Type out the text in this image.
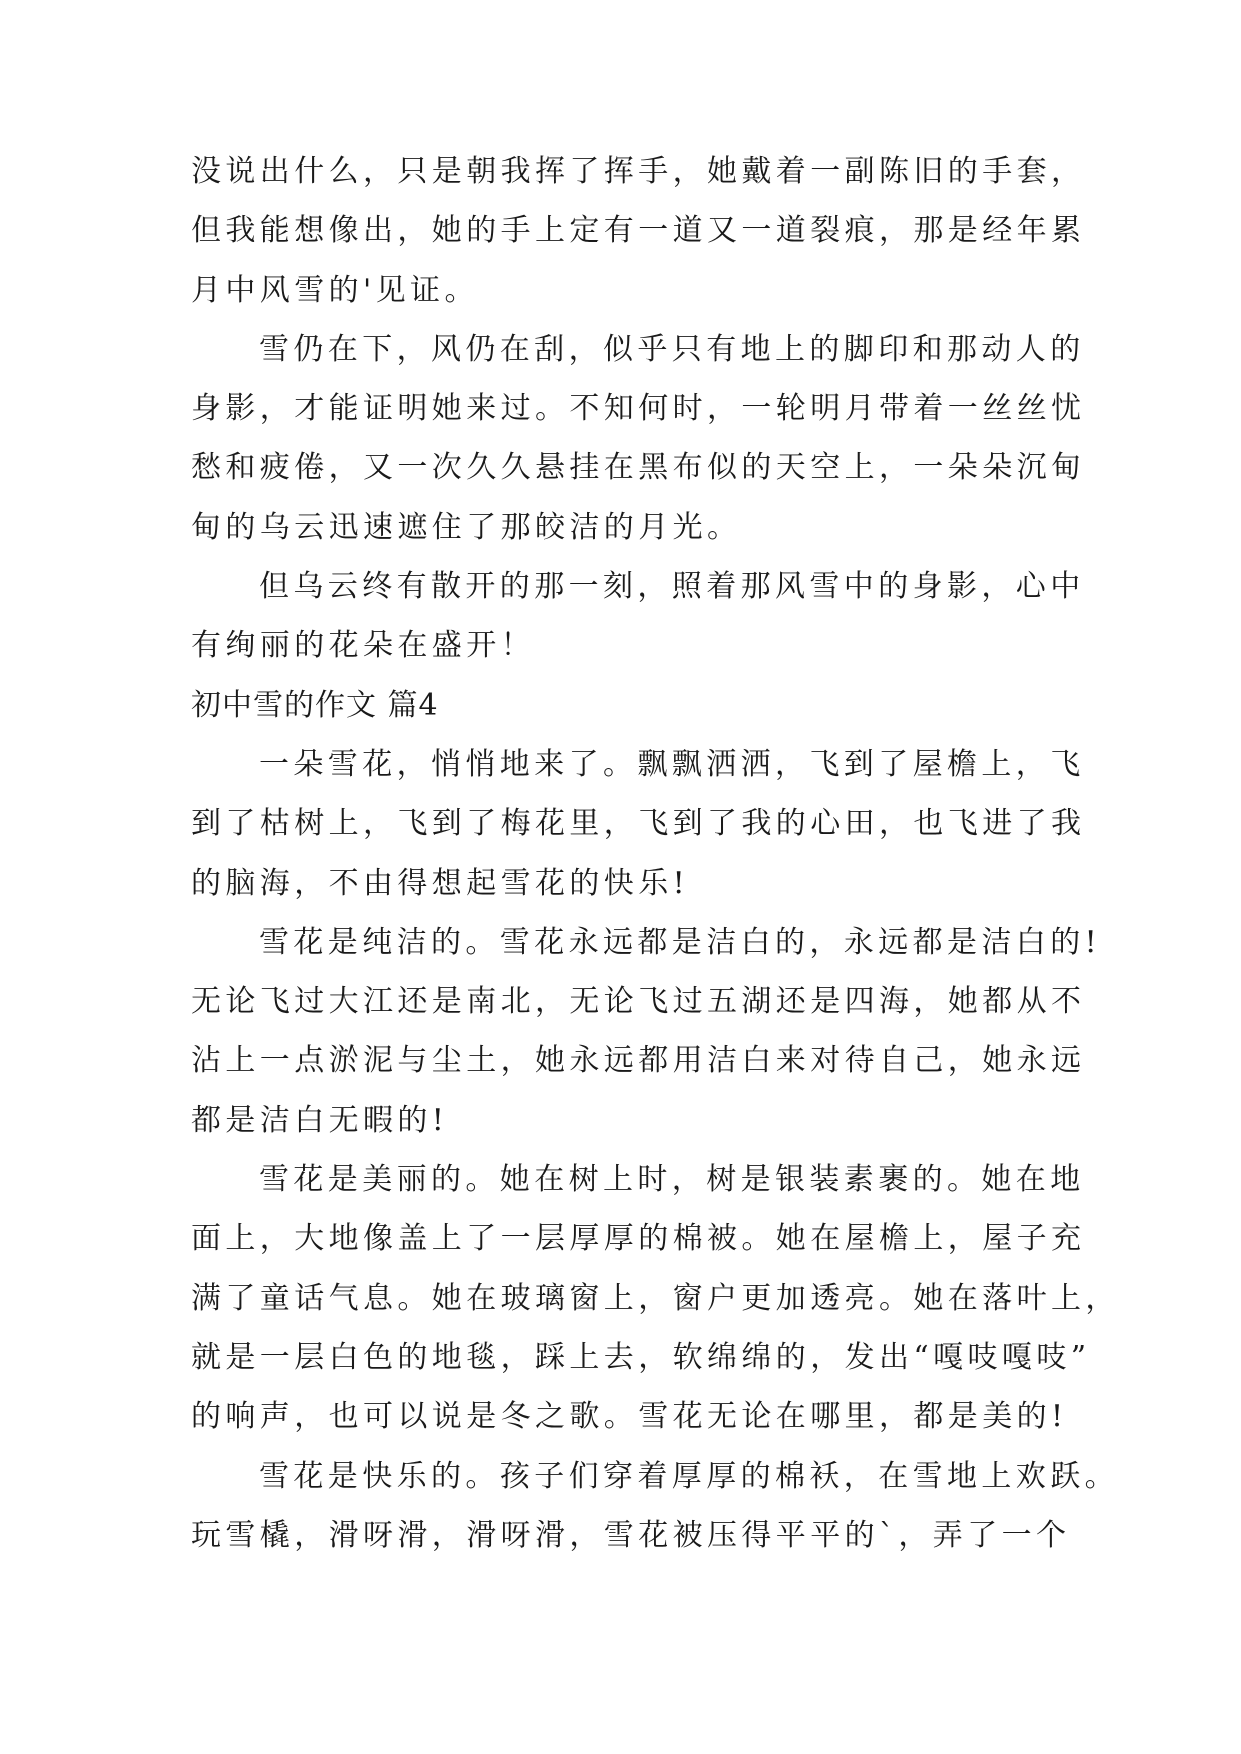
没说出什么，只是朝我挥了挥手，她戴着一副陈旧的手套，
但我能想像出，她的手上定有一道又一道裂痕，那是经年累
月中风雪的'见证。
雪仍在下，风仍在刮，似乎只有地上的脚印和那动人的
身影，才能证明她来过。不知何时，一轮明月带着一丝丝忧
愁和疲倦，又一次久久悬挂在黑布似的天空上，一朵朵沉甸
甸的乌云迅速遮住了那皎洁的月光。
但乌云终有散开的那一刻，照着那风雪中的身影，心中
有绚丽的花朵在盛开！
初中雪的作文 篇4
一朵雪花，悄悄地来了。飘飘洒洒，飞到了屋檐上，飞
到了枯树上，飞到了梅花里，飞到了我的心田，也飞进了我
的脑海，不由得想起雪花的快乐!
雪花是纯洁的。雪花永远都是洁白的，永远都是洁白的!
无论飞过大江还是南北，无论飞过五湖还是四海，她都从不
沾上一点淤泥与尘土，她永远都用洁白来对待自己，她永远
都是洁白无暇的!
雪花是美丽的。她在树上时，树是银装素裹的。她在地
面上，大地像盖上了一层厚厚的棉被。她在屋檐上，屋子充
满了童话气息。她在玻璃窗上，窗户更加透亮。她在落叶上，
就是一层白色的地毯，踩上去，软绵绵的，发出“嘎吱嘎吱”
的响声，也可以说是冬之歌。雪花无论在哪里，都是美的!
雪花是快乐的。孩子们穿着厚厚的棉袄，在雪地上欢跃。
玩雪橇，滑呀滑，滑呀滑，雪花被压得平平的`，弄了一个
